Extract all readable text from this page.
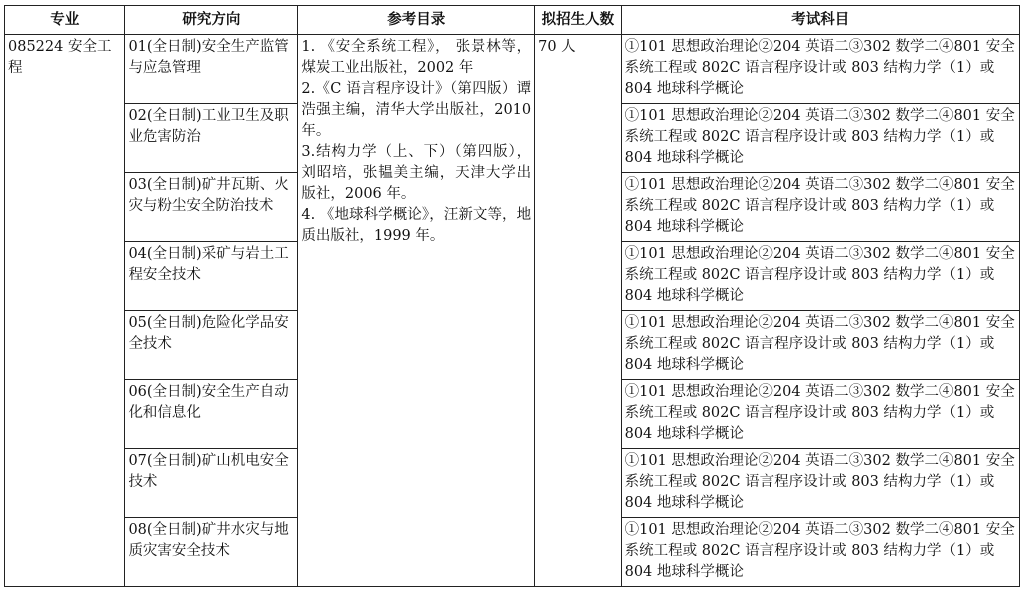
专业	研究方向	参考目录	拟招生人数	考试科目
085224 安全工程	01(全日制)安全生产监管与应急管理	1. 《安全系统工程》， 张景林等，煤炭工业出版社，2002 年
2.《C 语言程序设计》（第四版）谭浩强主编，清华大学出版社，2010 年。
3.结构力学（上、下）（第四版），刘昭培，张韫美主编，天津大学出版社，2006 年。
4. 《地球科学概论》，汪新文等，地质出版社，1999 年。	70 人	①101 思想政治理论②204 英语二③302 数学二④801 安全系统工程或 802C 语言程序设计或 803 结构力学（1）或 804 地球科学概论
	02(全日制)工业卫生及职业危害防治			①101 思想政治理论②204 英语二③302 数学二④801 安全系统工程或 802C 语言程序设计或 803 结构力学（1）或 804 地球科学概论
	03(全日制)矿井瓦斯、火灾与粉尘安全防治技术			①101 思想政治理论②204 英语二③302 数学二④801 安全系统工程或 802C 语言程序设计或 803 结构力学（1）或 804 地球科学概论
	04(全日制)采矿与岩土工程安全技术			①101 思想政治理论②204 英语二③302 数学二④801 安全系统工程或 802C 语言程序设计或 803 结构力学（1）或 804 地球科学概论
	05(全日制)危险化学品安全技术			①101 思想政治理论②204 英语二③302 数学二④801 安全系统工程或 802C 语言程序设计或 803 结构力学（1）或 804 地球科学概论
	06(全日制)安全生产自动化和信息化			①101 思想政治理论②204 英语二③302 数学二④801 安全系统工程或 802C 语言程序设计或 803 结构力学（1）或 804 地球科学概论
	07(全日制)矿山机电安全技术			①101 思想政治理论②204 英语二③302 数学二④801 安全系统工程或 802C 语言程序设计或 803 结构力学（1）或 804 地球科学概论
	08(全日制)矿井水灾与地质灾害安全技术			①101 思想政治理论②204 英语二③302 数学二④801 安全系统工程或 802C 语言程序设计或 803 结构力学（1）或 804 地球科学概论
